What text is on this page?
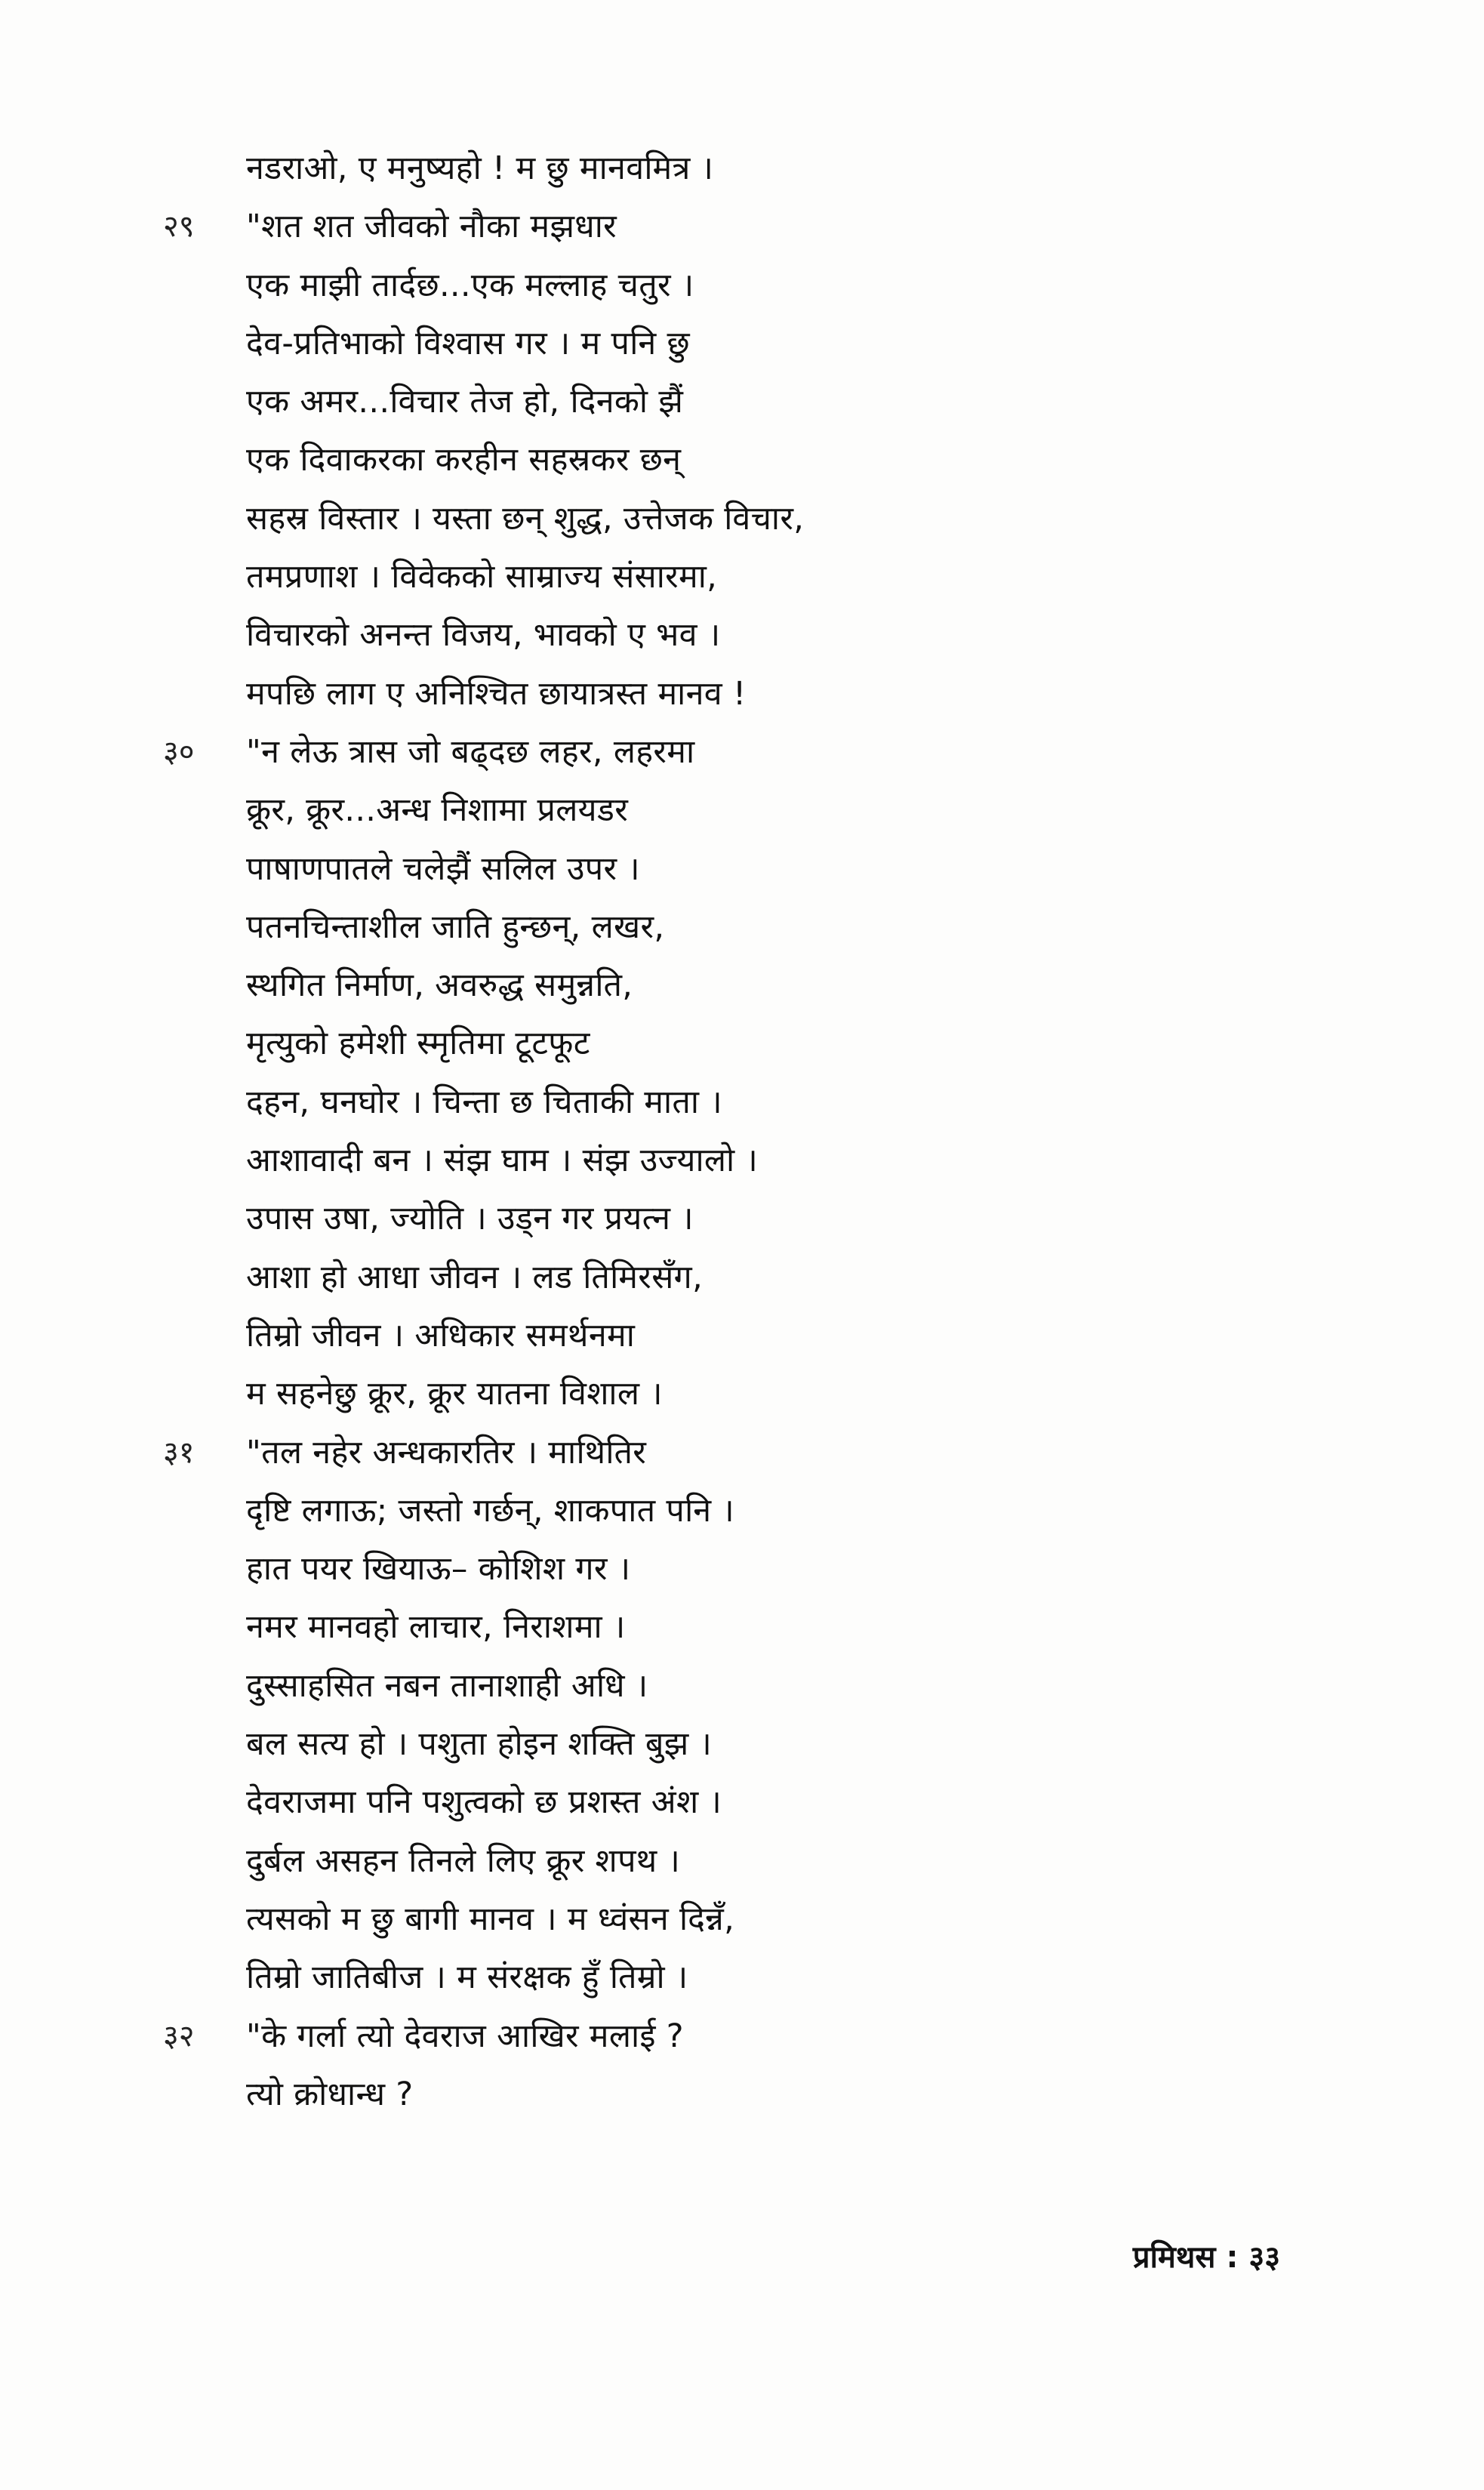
नडराओ, ए मनुष्यहो ! म छु मानवमित्र ।
२९	"शत शत जीवको नौका मझधार
एक माझी तार्दछ...एक मल्लाह चतुर ।
देव-प्रतिभाको विश्वास गर । म पनि छु
एक अमर...विचार तेज हो, दिनको झैं
एक दिवाकरका करहीन सहस्रकर छन्
सहस्र विस्तार । यस्ता छन् शुद्ध, उत्तेजक विचार,
तमप्रणाश । विवेकको साम्राज्य संसारमा,
विचारको अनन्त विजय, भावको ए भव ।
मपछि लाग ए अनिश्चित छायात्रस्त मानव !
३०	"न लेऊ त्रास जो बढ्दछ लहर, लहरमा
क्रूर, क्रूर...अन्ध निशामा प्रलयडर
पाषाणपातले चलेझैं सलिल उपर ।
पतनचिन्ताशील जाति हुन्छन्, लखर,
स्थगित निर्माण, अवरुद्ध समुन्नति,
मृत्युको हमेशी स्मृतिमा टूटफूट
दहन, घनघोर । चिन्ता छ चिताकी माता ।
आशावादी बन । संझ घाम । संझ उज्यालो ।
उपास उषा, ज्योति । उड्न गर प्रयत्न ।
आशा हो आधा जीवन । लड तिमिरसँग,
तिम्रो जीवन । अधिकार समर्थनमा
म सहनेछु क्रूर, क्रूर यातना विशाल ।
३१	"तल नहेर अन्धकारतिर । माथितिर
दृष्टि लगाऊ; जस्तो गर्छन्, शाकपात पनि ।
हात पयर खियाऊ– कोशिश गर ।
नमर मानवहो लाचार, निराशमा ।
दुस्साहसित नबन तानाशाही अधि ।
बल सत्य हो । पशुता होइन शक्ति बुझ ।
देवराजमा पनि पशुत्वको छ प्रशस्त अंश ।
दुर्बल असहन तिनले लिए क्रूर शपथ ।
त्यसको म छु बागी मानव । म ध्वंसन दिन्नँ,
तिम्रो जातिबीज । म संरक्षक हुँ तिम्रो ।
३२	"के गर्ला त्यो देवराज आखिर मलाई ?
त्यो क्रोधान्ध ?
प्रमिथस : ३३
